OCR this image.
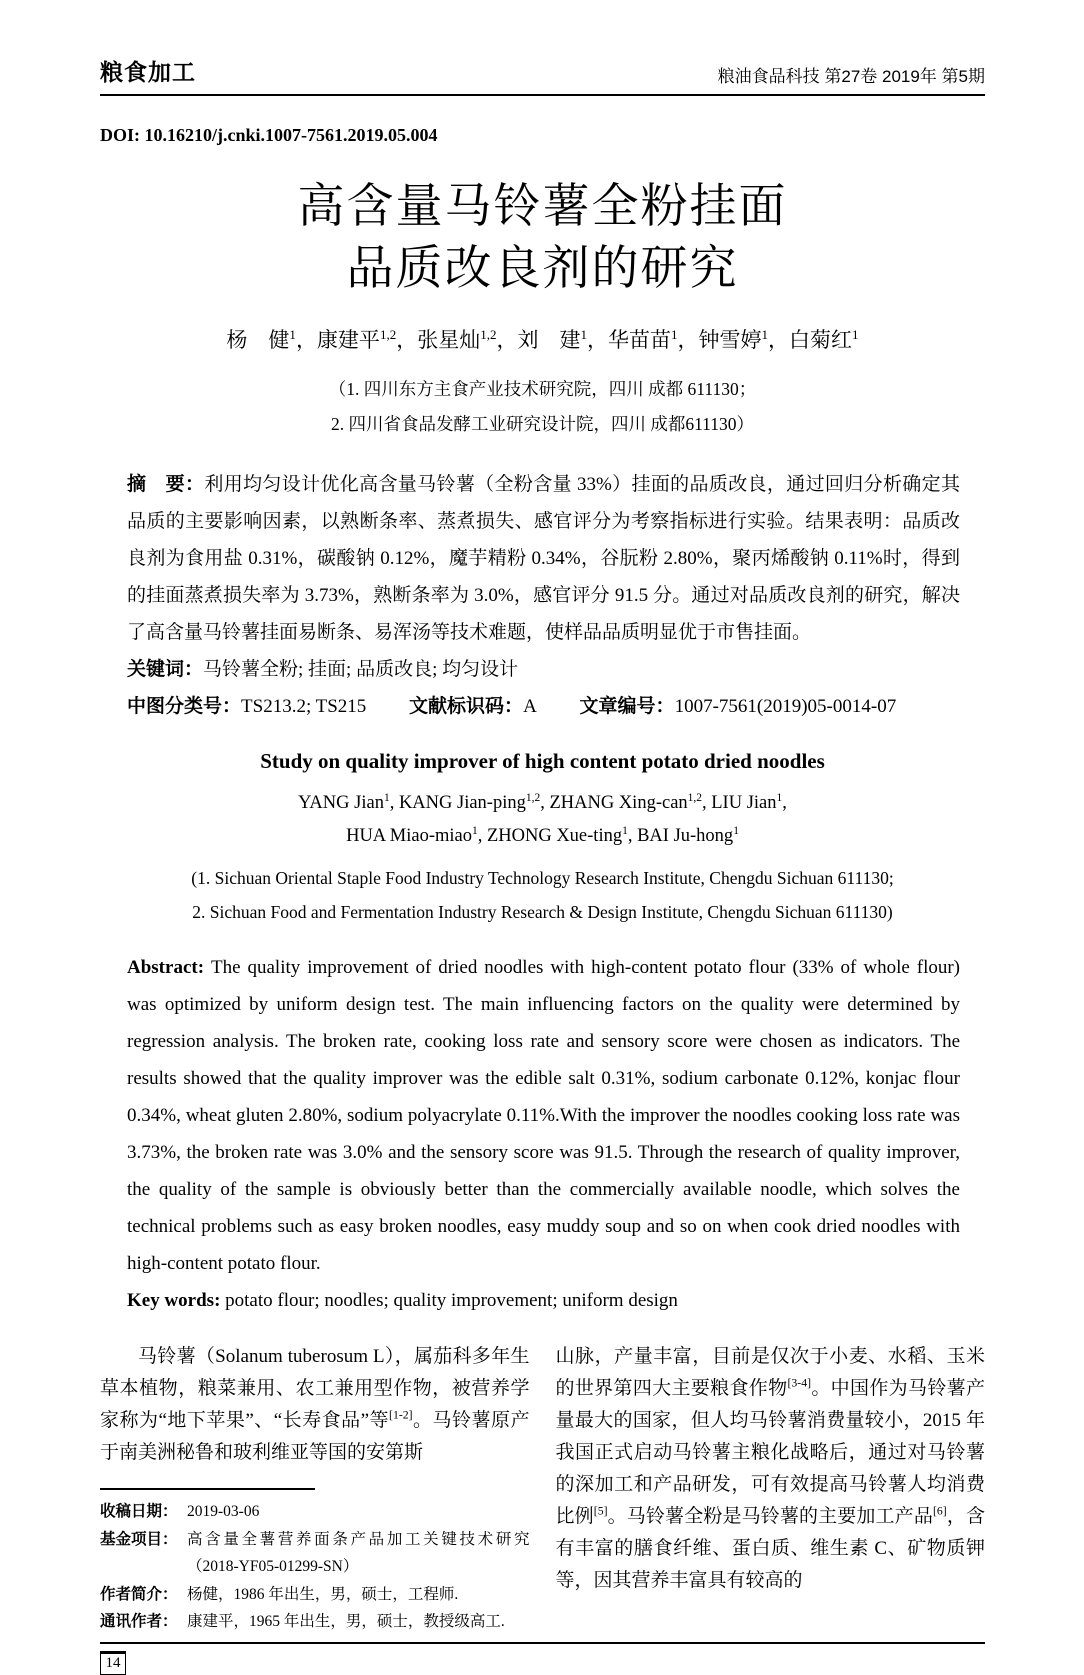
粮食加工	粮油食品科技 第27卷 2019年 第5期
DOI: 10.16210/j.cnki.1007-7561.2019.05.004
高含量马铃薯全粉挂面
品质改良剂的研究
杨　健$^1$，康建平$^{1,2}$，张星灿$^{1,2}$，刘　建$^1$，华苗苗$^1$，钟雪婷$^1$，白菊红$^1$
（1. 四川东方主食产业技术研究院，四川 成都 611130；
2. 四川省食品发酵工业研究设计院，四川 成都611130）
摘　要：利用均匀设计优化高含量马铃薯（全粉含量 33%）挂面的品质改良，通过回归分析确定其品质的主要影响因素，以熟断条率、蒸煮损失、感官评分为考察指标进行实验。结果表明：品质改良剂为食用盐 0.31%，碳酸钠 0.12%，魔芋精粉 0.34%，谷朊粉 2.80%，聚丙烯酸钠 0.11%时，得到的挂面蒸煮损失率为 3.73%，熟断条率为 3.0%，感官评分 91.5 分。通过对品质改良剂的研究，解决了高含量马铃薯挂面易断条、易浑汤等技术难题，使样品品质明显优于市售挂面。
关键词：马铃薯全粉; 挂面; 品质改良; 均匀设计
中图分类号：TS213.2; TS215 文献标识码：A 文章编号：1007-7561(2019)05-0014-07
Study on quality improver of high content potato dried noodles
YANG Jian$^1$, KANG Jian-ping$^{1,2}$, ZHANG Xing-can$^{1,2}$, LIU Jian$^1$,
HUA Miao-miao$^1$, ZHONG Xue-ting$^1$, BAI Ju-hong$^1$
(1. Sichuan Oriental Staple Food Industry Technology Research Institute, Chengdu Sichuan 611130;
2. Sichuan Food and Fermentation Industry Research & Design Institute, Chengdu Sichuan 611130)
Abstract: The quality improvement of dried noodles with high-content potato flour (33% of whole flour) was optimized by uniform design test. The main influencing factors on the quality were determined by regression analysis. The broken rate, cooking loss rate and sensory score were chosen as indicators. The results showed that the quality improver was the edible salt 0.31%, sodium carbonate 0.12%, konjac flour 0.34%, wheat gluten 2.80%, sodium polyacrylate 0.11%.With the improver the noodles cooking loss rate was 3.73%, the broken rate was 3.0% and the sensory score was 91.5. Through the research of quality improver, the quality of the sample is obviously better than the commercially available noodle, which solves the technical problems such as easy broken noodles, easy muddy soup and so on when cook dried noodles with high-content potato flour.
Key words: potato flour; noodles; quality improvement; uniform design

马铃薯（Solanum tuberosum L），属茄科多年生草本植物，粮菜兼用、农工兼用型作物，被营养学家称为“地下苹果”、“长寿食品”等[1-2]。马铃薯原产于南美洲秘鲁和玻利维亚等国的安第斯

收稿日期： 2019-03-06
基金项目： 高含量全薯营养面条产品加工关键技术研究（2018-YF05-01299-SN）
作者简介： 杨健，1986 年出生，男，硕士，工程师.
通讯作者： 康建平，1965 年出生，男，硕士，教授级高工.

山脉，产量丰富，目前是仅次于小麦、水稻、玉米的世界第四大主要粮食作物[3-4]。中国作为马铃薯产量最大的国家，但人均马铃薯消费量较小，2015 年我国正式启动马铃薯主粮化战略后，通过对马铃薯的深加工和产品研发，可有效提高马铃薯人均消费比例[5]。马铃薯全粉是马铃薯的主要加工产品[6]，含有丰富的膳食纤维、蛋白质、维生素 C、矿物质钾等，因其营养丰富具有较高的

14
